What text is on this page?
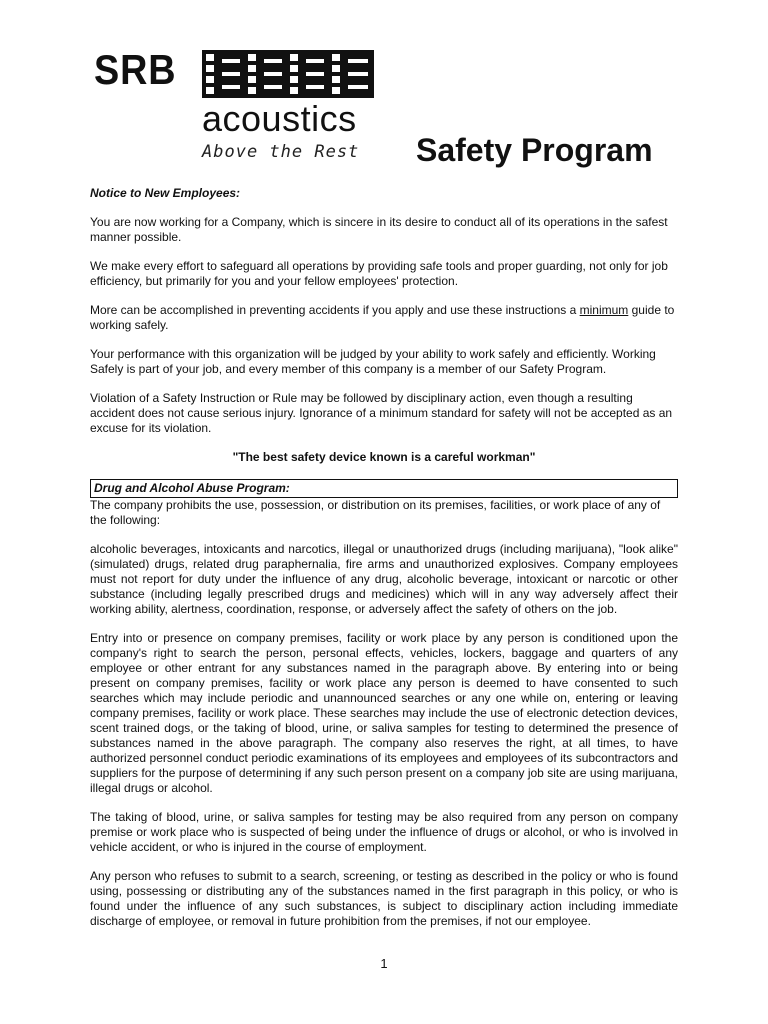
SRB
acoustics
Above the Rest Safety Program

Notice to New Employees:

You are now working for a Company, which is sincere in its desire to conduct all of its operations in the safest manner possible.

We make every effort to safeguard all operations by providing safe tools and proper guarding, not only for job efficiency, but primarily for you and your fellow employees' protection.

More can be accomplished in preventing accidents if you apply and use these instructions a minimum guide to working safely.

Your performance with this organization will be judged by your ability to work safely and efficiently. Working Safely is part of your job, and every member of this company is a member of our Safety Program.

Violation of a Safety Instruction or Rule may be followed by disciplinary action, even though a resulting accident does not cause serious injury. Ignorance of a minimum standard for safety will not be accepted as an excuse for its violation.

"The best safety device known is a careful workman"

Drug and Alcohol Abuse Program:

The company prohibits the use, possession, or distribution on its premises, facilities, or work place of any of the following:

alcoholic beverages, intoxicants and narcotics, illegal or unauthorized drugs (including marijuana), "look alike" (simulated) drugs, related drug paraphernalia, fire arms and unauthorized explosives. Company employees must not report for duty under the influence of any drug, alcoholic beverage, intoxicant or narcotic or other substance (including legally prescribed drugs and medicines) which will in any way adversely affect their working ability, alertness, coordination, response, or adversely affect the safety of others on the job.

Entry into or presence on company premises, facility or work place by any person is conditioned upon the company's right to search the person, personal effects, vehicles, lockers, baggage and quarters of any employee or other entrant for any substances named in the paragraph above. By entering into or being present on company premises, facility or work place any person is deemed to have consented to such searches which may include periodic and unannounced searches or any one while on, entering or leaving company premises, facility or work place. These searches may include the use of electronic detection devices, scent trained dogs, or the taking of blood, urine, or saliva samples for testing to determined the presence of substances named in the above paragraph. The company also reserves the right, at all times, to have authorized personnel conduct periodic examinations of its employees and employees of its subcontractors and suppliers for the purpose of determining if any such person present on a company job site are using marijuana, illegal drugs or alcohol.

The taking of blood, urine, or saliva samples for testing may be also required from any person on company premise or work place who is suspected of being under the influence of drugs or alcohol, or who is involved in vehicle accident, or who is injured in the course of employment.

Any person who refuses to submit to a search, screening, or testing as described in the policy or who is found using, possessing or distributing any of the substances named in the first paragraph in this policy, or who is found under the influence of any such substances, is subject to disciplinary action including immediate discharge of employee, or removal in future prohibition from the premises, if not our employee.

1
